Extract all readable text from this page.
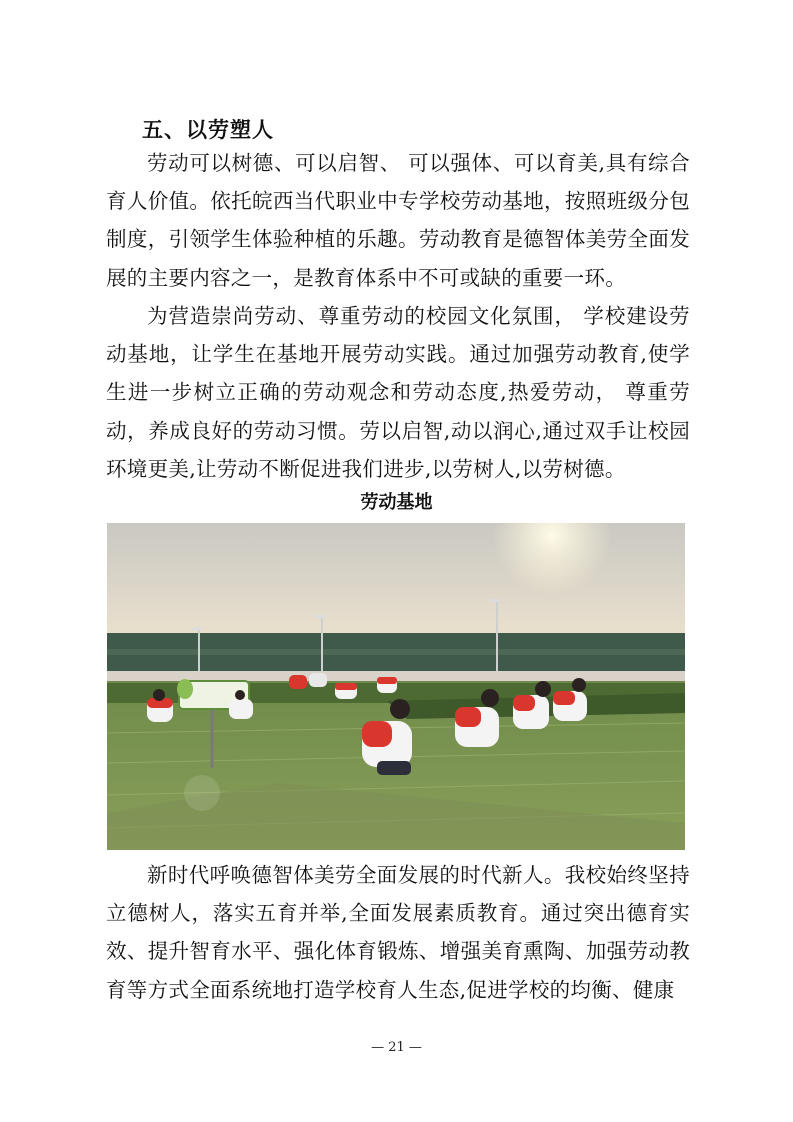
五、以劳塑人

劳动可以树德、可以启智、 可以强体、可以育美,具有综合育人价值。依托皖西当代职业中专学校劳动基地，按照班级分包制度，引领学生体验种植的乐趣。劳动教育是德智体美劳全面发展的主要内容之一，是教育体系中不可或缺的重要一环。

为营造崇尚劳动、尊重劳动的校园文化氛围， 学校建设劳动基地，让学生在基地开展劳动实践。通过加强劳动教育,使学生进一步树立正确的劳动观念和劳动态度,热爱劳动， 尊重劳动，养成良好的劳动习惯。劳以启智,动以润心,通过双手让校园环境更美,让劳动不断促进我们进步,以劳树人,以劳树德。

劳动基地

新时代呼唤德智体美劳全面发展的时代新人。我校始终坚持立德树人，落实五育并举,全面发展素质教育。通过突出德育实效、提升智育水平、强化体育锻炼、增强美育熏陶、加强劳动教育等方式全面系统地打造学校育人生态,促进学校的均衡、健康

— 21 —
